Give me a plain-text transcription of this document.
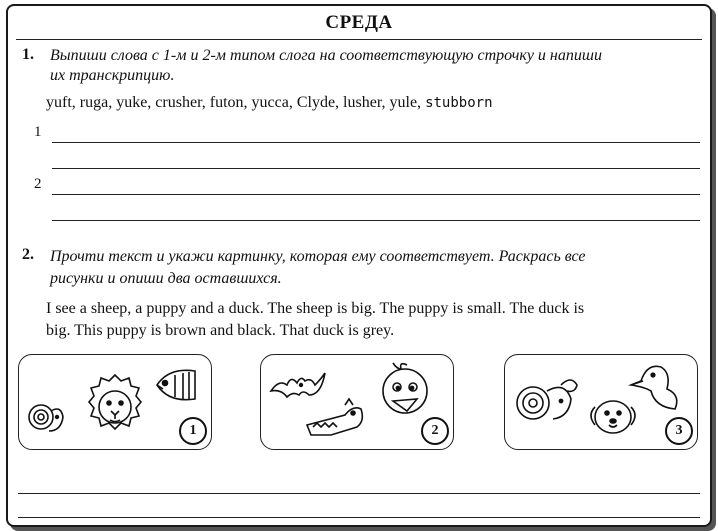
СРЕДА
1. Выпиши слова с 1-м и 2-м типом слога на соответствующую строчку и напиши
их транскрипцию.
yuft, ruga, yuke, crusher, futon, yucca, Clyde, lusher, yule, stubborn
1
2
2. Прочти текст и укажи картинку, которая ему соответствует. Раскрась все
рисунки и опиши два оставшихся.
I see a sheep, a puppy and a duck. The sheep is big. The puppy is small. The duck is
big. This puppy is brown and black. That duck is grey.
1	2	3
